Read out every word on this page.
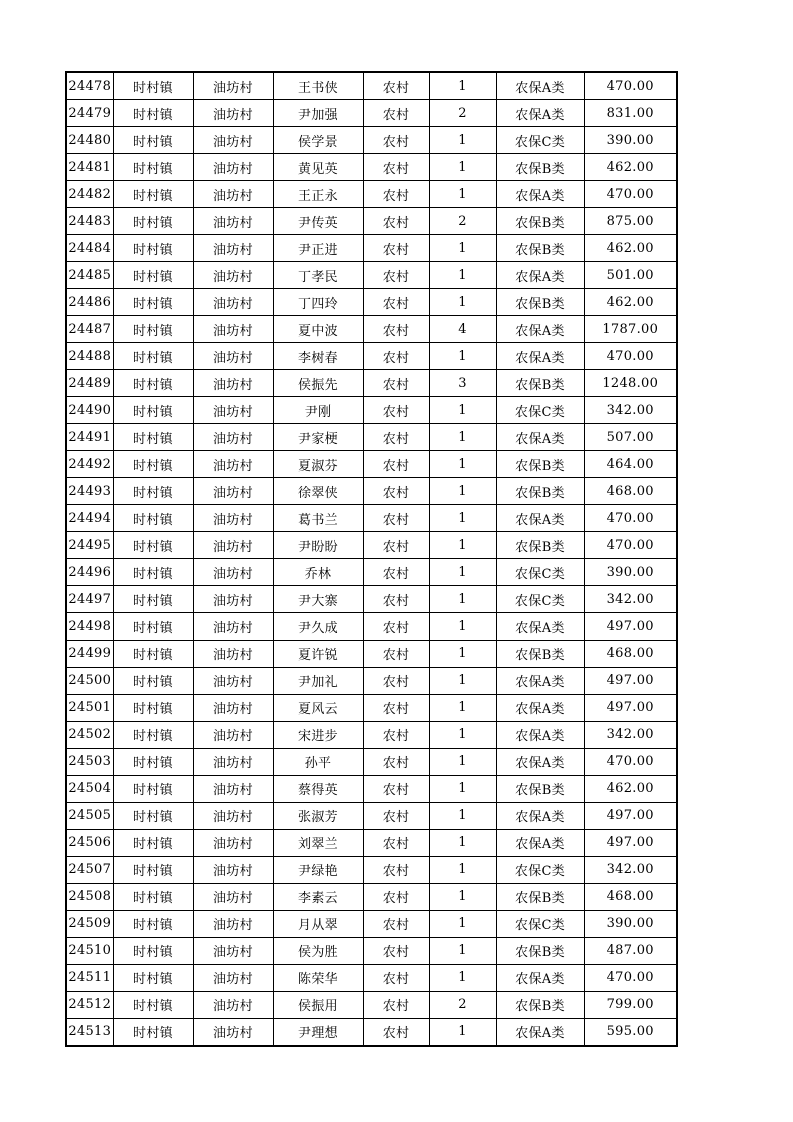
24478	时村镇	油坊村	王书侠	农村	1	农保A类	470.00
24479	时村镇	油坊村	尹加强	农村	2	农保A类	831.00
24480	时村镇	油坊村	侯学景	农村	1	农保C类	390.00
24481	时村镇	油坊村	黄见英	农村	1	农保B类	462.00
24482	时村镇	油坊村	王正永	农村	1	农保A类	470.00
24483	时村镇	油坊村	尹传英	农村	2	农保B类	875.00
24484	时村镇	油坊村	尹正进	农村	1	农保B类	462.00
24485	时村镇	油坊村	丁孝民	农村	1	农保A类	501.00
24486	时村镇	油坊村	丁四玲	农村	1	农保B类	462.00
24487	时村镇	油坊村	夏中波	农村	4	农保A类	1787.00
24488	时村镇	油坊村	李树春	农村	1	农保A类	470.00
24489	时村镇	油坊村	侯振先	农村	3	农保B类	1248.00
24490	时村镇	油坊村	尹刚	农村	1	农保C类	342.00
24491	时村镇	油坊村	尹家梗	农村	1	农保A类	507.00
24492	时村镇	油坊村	夏淑芬	农村	1	农保B类	464.00
24493	时村镇	油坊村	徐翠侠	农村	1	农保B类	468.00
24494	时村镇	油坊村	葛书兰	农村	1	农保A类	470.00
24495	时村镇	油坊村	尹盼盼	农村	1	农保B类	470.00
24496	时村镇	油坊村	乔林	农村	1	农保C类	390.00
24497	时村镇	油坊村	尹大寨	农村	1	农保C类	342.00
24498	时村镇	油坊村	尹久成	农村	1	农保A类	497.00
24499	时村镇	油坊村	夏许锐	农村	1	农保B类	468.00
24500	时村镇	油坊村	尹加礼	农村	1	农保A类	497.00
24501	时村镇	油坊村	夏风云	农村	1	农保A类	497.00
24502	时村镇	油坊村	宋进步	农村	1	农保A类	342.00
24503	时村镇	油坊村	孙平	农村	1	农保A类	470.00
24504	时村镇	油坊村	蔡得英	农村	1	农保B类	462.00
24505	时村镇	油坊村	张淑芳	农村	1	农保A类	497.00
24506	时村镇	油坊村	刘翠兰	农村	1	农保A类	497.00
24507	时村镇	油坊村	尹绿艳	农村	1	农保C类	342.00
24508	时村镇	油坊村	李素云	农村	1	农保B类	468.00
24509	时村镇	油坊村	月从翠	农村	1	农保C类	390.00
24510	时村镇	油坊村	侯为胜	农村	1	农保B类	487.00
24511	时村镇	油坊村	陈荣华	农村	1	农保A类	470.00
24512	时村镇	油坊村	侯振用	农村	2	农保B类	799.00
24513	时村镇	油坊村	尹理想	农村	1	农保A类	595.00
